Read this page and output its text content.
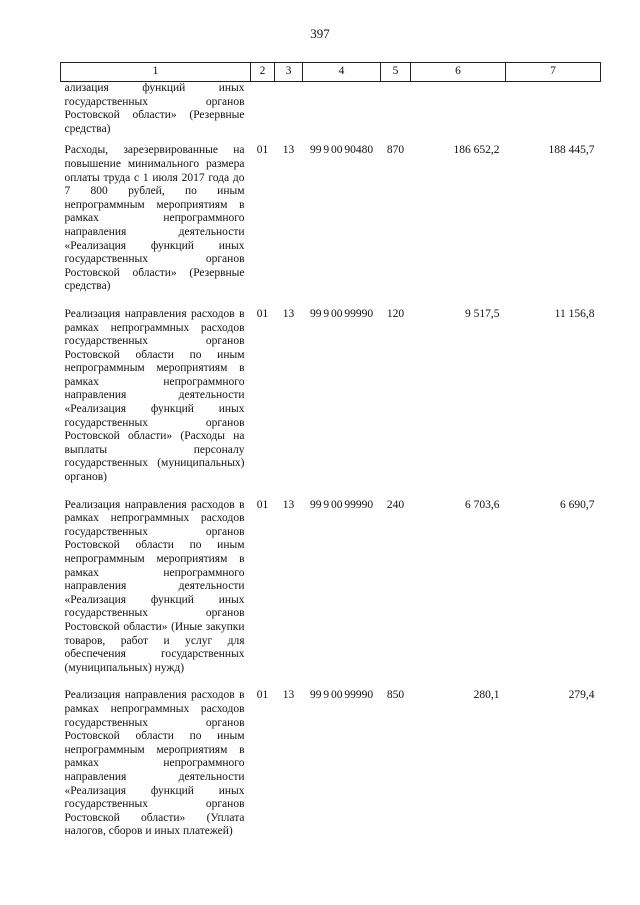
397
1	2	3	4	5	6	7
ализация функций иных государственных органов Ростовской области» (Резервные средства)						
Расходы, зарезервированные на повышение минимального размера оплаты труда с 1 июля 2017 года до 7 800 рублей, по иным непрограммным мероприятиям в рамках непрограммного направления деятельности «Реализация функций иных государственных органов Ростовской области» (Резервные средства)	01	13	99 9 00 90480	870	186 652,2	188 445,7
Реализация направления расходов в рамках непрограммных расходов государственных органов Ростовской области по иным непрограммным мероприятиям в рамках непрограммного направления деятельности «Реализация функций иных государственных органов Ростовской области» (Расходы на выплаты персоналу государственных (муниципальных) органов)	01	13	99 9 00 99990	120	9 517,5	11 156,8
Реализация направления расходов в рамках непрограммных расходов государственных органов Ростовской области по иным непрограммным мероприятиям в рамках непрограммного направления деятельности «Реализация функций иных государственных органов Ростовской области» (Иные закупки товаров, работ и услуг для обеспечения государственных (муниципальных) нужд)	01	13	99 9 00 99990	240	6 703,6	6 690,7
Реализация направления расходов в рамках непрограммных расходов государственных органов Ростовской области по иным непрограммным мероприятиям в рамках непрограммного направления деятельности «Реализация функций иных государственных органов Ростовской области» (Уплата налогов, сборов и иных платежей)	01	13	99 9 00 99990	850	280,1	279,4
